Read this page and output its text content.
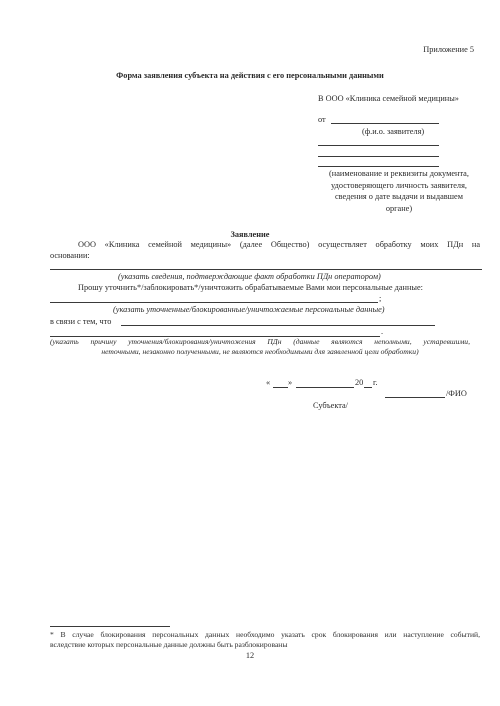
Приложение 5
Форма заявления субъекта на действия с его персональными данными
В ООО «Клиника семейной медицины»
от
(ф.и.о. заявителя)
(наименование и реквизиты документа,
удостоверяющего личность заявителя,
сведения о дате выдачи и выдавшем
органе)
Заявление
ООО «Клиника семейной медицины» (далее Общество) осуществляет обработку моих ПДн на
основании:
(указать сведения, подтверждающие факт обработки ПДн оператором)
Прошу уточнить*/заблокировать*/уничтожить обрабатываемые Вами мои персональные данные:
;
(указать уточненные/блокированные/уничтожаемые персональные данные)
в связи с тем, что
.
(указать причину уточнения/блокирования/уничтожения ПДн (данные являются неполными, устаревшими,
неточными, незаконно полученными, не являются необходимыми для заявленной цели обработки)
« »	20 г.
/ФИО
Субъекта/
* В случае блокирования персональных данных необходимо указать срок блокирования или наступление событий,
вследствие которых персональные данные должны быть разблокированы
12
